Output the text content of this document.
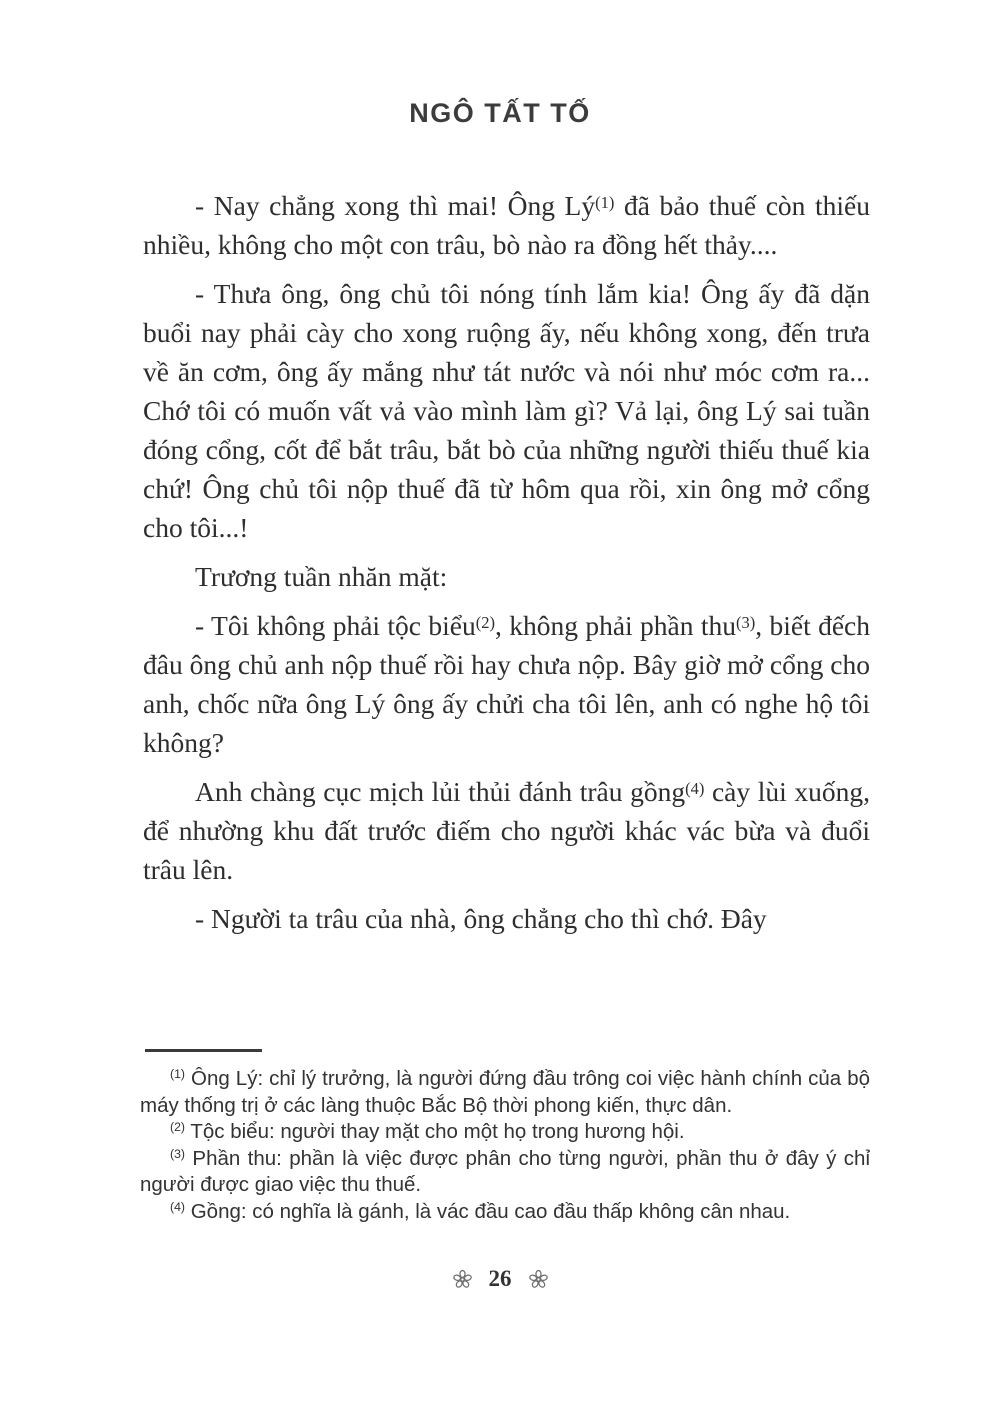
NGÔ TẤT TỐ

- Nay chẳng xong thì mai! Ông $Lý^{(1)}$ đã bảo thuế còn thiếu nhiều, không cho một con trâu, bò nào ra đồng hết thảy....

- Thưa ông, ông chủ tôi nóng tính lắm kia! Ông ấy đã dặn buổi nay phải cày cho xong ruộng ấy, nếu không xong, đến trưa về ăn cơm, ông ấy mắng như tát nước và nói như móc cơm ra... Chớ tôi có muốn vất vả vào mình làm gì? Vả lại, ông Lý sai tuần đóng cổng, cốt để bắt trâu, bắt bò của những người thiếu thuế kia chứ! Ông chủ tôi nộp thuế đã từ hôm qua rồi, xin ông mở cổng cho tôi...!

Trương tuần nhăn mặt:

- Tôi không phải tộc biểu$^{(2)}$, không phải phần thu$^{(3)}$, biết đếch đâu ông chủ anh nộp thuế rồi hay chưa nộp. Bây giờ mở cổng cho anh, chốc nữa ông Lý ông ấy chửi cha tôi lên, anh có nghe hộ tôi không?

Anh chàng cục mịch lủi thủi đánh trâu gồng$^{(4)}$ cày lùi xuống, để nhường khu đất trước điếm cho người khác vác bừa và đuổi trâu lên.

- Người ta trâu của nhà, ông chẳng cho thì chớ. Đây

$^{(1)}$ Ông Lý: chỉ lý trưởng, là người đứng đầu trông coi việc hành chính của bộ máy thống trị ở các làng thuộc Bắc Bộ thời phong kiến, thực dân.

$^{(2)}$ Tộc biểu: người thay mặt cho một họ trong hương hội.

$^{(3)}$ Phần thu: phần là việc được phân cho từng người, phần thu ở đây ý chỉ người được giao việc thu thuế.

$^{(4)}$ Gồng: có nghĩa là gánh, là vác đầu cao đầu thấp không cân nhau.

26
